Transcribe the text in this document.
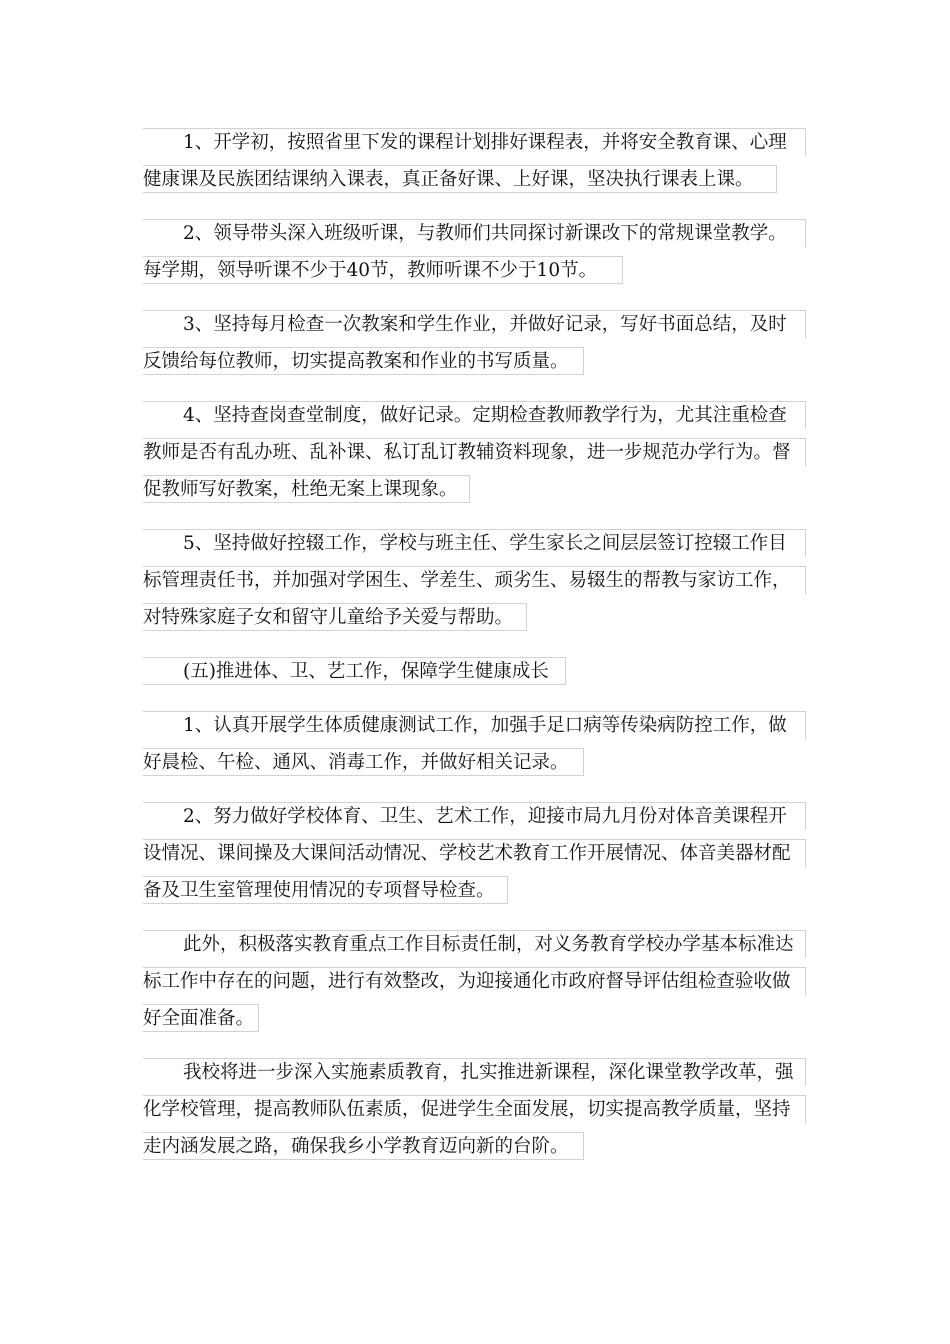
1、开学初，按照省里下发的课程计划排好课程表，并将安全教育课、心理
健康课及民族团结课纳入课表，真正备好课、上好课，坚决执行课表上课。
2、领导带头深入班级听课，与教师们共同探讨新课改下的常规课堂教学。
每学期，领导听课不少于40节，教师听课不少于10节。
3、坚持每月检查一次教案和学生作业，并做好记录，写好书面总结，及时
反馈给每位教师，切实提高教案和作业的书写质量。
4、坚持查岗查堂制度，做好记录。定期检查教师教学行为，尤其注重检查
教师是否有乱办班、乱补课、私订乱订教辅资料现象，进一步规范办学行为。督
促教师写好教案，杜绝无案上课现象。
5、坚持做好控辍工作，学校与班主任、学生家长之间层层签订控辍工作目
标管理责任书，并加强对学困生、学差生、顽劣生、易辍生的帮教与家访工作，
对特殊家庭子女和留守儿童给予关爱与帮助。
(五)推进体、卫、艺工作，保障学生健康成长
1、认真开展学生体质健康测试工作，加强手足口病等传染病防控工作，做
好晨检、午检、通风、消毒工作，并做好相关记录。
2、努力做好学校体育、卫生、艺术工作，迎接市局九月份对体音美课程开
设情况、课间操及大课间活动情况、学校艺术教育工作开展情况、体音美器材配
备及卫生室管理使用情况的专项督导检查。
此外，积极落实教育重点工作目标责任制，对义务教育学校办学基本标准达
标工作中存在的问题，进行有效整改，为迎接通化市政府督导评估组检查验收做
好全面准备。
我校将进一步深入实施素质教育，扎实推进新课程，深化课堂教学改革，强
化学校管理，提高教师队伍素质，促进学生全面发展，切实提高教学质量，坚持
走内涵发展之路，确保我乡小学教育迈向新的台阶。
